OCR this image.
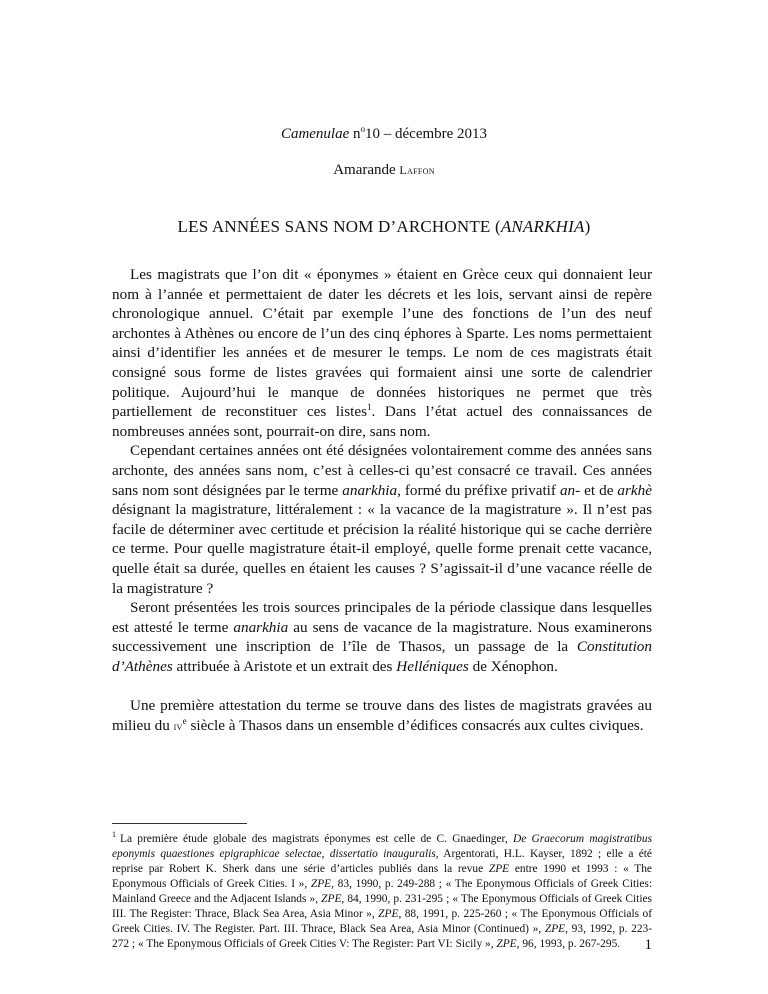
Camenulae $n^o10$ – décembre 2013
Amarande Laffon
LES ANNÉES SANS NOM D’ARCHONTE (ANARKHIA)

Les magistrats que l’on dit « éponymes » étaient en Grèce ceux qui donnaient leur nom à l’année et permettaient de dater les décrets et les lois, servant ainsi de repère chronologique annuel. C’était par exemple l’une des fonctions de l’un des neuf archontes à Athènes ou encore de l’un des cinq éphores à Sparte. Les noms permettaient ainsi d’identifier les années et de mesurer le temps. Le nom de ces magistrats était consigné sous forme de listes gravées qui formaient ainsi une sorte de calendrier politique. Aujourd’hui le manque de données historiques ne permet que très partiellement de reconstituer ces listes$^1$. Dans l’état actuel des connaissances de nombreuses années sont, pourrait-on dire, sans nom.

Cependant certaines années ont été désignées volontairement comme des années sans archonte, des années sans nom, c’est à celles-ci qu’est consacré ce travail. Ces années sans nom sont désignées par le terme anarkhia, formé du préfixe privatif an- et de arkhè désignant la magistrature, littéralement : « la vacance de la magistrature ». Il n’est pas facile de déterminer avec certitude et précision la réalité historique qui se cache derrière ce terme. Pour quelle magistrature était-il employé, quelle forme prenait cette vacance, quelle était sa durée, quelles en étaient les causes ? S’agissait-il d’une vacance réelle de la magistrature ?

Seront présentées les trois sources principales de la période classique dans lesquelles est attesté le terme anarkhia au sens de vacance de la magistrature. Nous examinerons successivement une inscription de l’île de Thasos, un passage de la Constitution d’Athènes attribuée à Aristote et un extrait des Helléniques de Xénophon.

Une première attestation du terme se trouve dans des listes de magistrats gravées au milieu du $iv^e$ siècle à Thasos dans un ensemble d’édifices consacrés aux cultes civiques.

$^1$ La première étude globale des magistrats éponymes est celle de C. Gnaedinger, De Graecorum magistratibus eponymis quaestiones epigraphicae selectae, dissertatio inauguralis, Argentorati, H.L. Kayser, 1892 ; elle a été reprise par Robert K. Sherk dans une série d’articles publiés dans la revue ZPE entre 1990 et 1993 : « The Eponymous Officials of Greek Cities. I », ZPE, 83, 1990, p. 249-288 ; « The Eponymous Officials of Greek Cities: Mainland Greece and the Adjacent Islands », ZPE, 84, 1990, p. 231-295 ; « The Eponymous Officials of Greek Cities III. The Register: Thrace, Black Sea Area, Asia Minor », ZPE, 88, 1991, p. 225-260 ; « The Eponymous Officials of Greek Cities. IV. The Register. Part. III. Thrace, Black Sea Area, Asia Minor (Continued) », ZPE, 93, 1992, p. 223-272 ; « The Eponymous Officials of Greek Cities V: The Register: Part VI: Sicily », ZPE, 96, 1993, p. 267-295.	1
